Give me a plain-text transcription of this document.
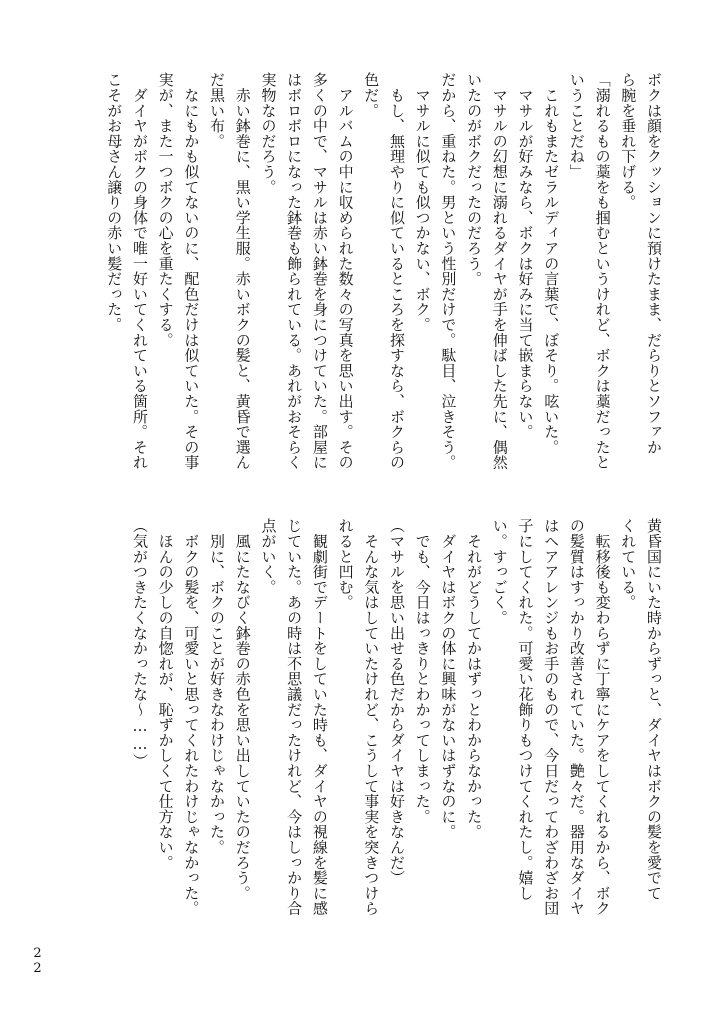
ボクは顔をクッションに預けたまま、だらりとソファか
ら腕を垂れ下げる。
「溺れるもの藁をも掴むというけれど、ボクは藁だったと
いうことだね」
　これもまたゼラルディアの言葉で、ぼそり。呟いた。
　マサルが好みなら、ボクは好みに当て嵌まらない。
　マサルの幻想に溺れるダイヤが手を伸ばした先に、偶然
いたのがボクだったのだろう。
だから、重ねた。男という性別だけで。駄目、泣きそう。
　マサルに似ても似つかない、ボク。
　もし、無理やりに似ているところを探すなら、ボクらの
色だ。
　アルバムの中に収められた数々の写真を思い出す。その
多くの中で、マサルは赤い鉢巻を身につけていた。部屋に
はボロボロになった鉢巻も飾られている。あれがおそらく
実物なのだろう。
　赤い鉢巻に、黒い学生服。赤いボクの髪と、黄昏で選ん
だ黒い布。
　なにもかも似てないのに、配色だけは似ていた。その事
実が、また一つボクの心を重たくする。
　ダイヤがボクの身体で唯一好いてくれている箇所。それ
こそがお母さん譲りの赤い髪だった。
黄昏国にいた時からずっと、ダイヤはボクの髪を愛でて
くれている。
　転移後も変わらずに丁寧にケアをしてくれるから、ボク
の髪質はすっかり改善されていた。艶々だ。器用なダイヤ
はヘアアレンジもお手のもので、今日だってわざわざお団
子にしてくれた。可愛い花飾りもつけてくれたし。嬉し
い。すっごく。
　それがどうしてかはずっとわからなかった。
　ダイヤはボクの体に興味がないはずなのに。
　でも、今日はっきりとわかってしまった。
（マサルを思い出せる色だからダイヤは好きなんだ）
　そんな気はしていたけれど、こうして事実を突きつけら
れると凹む。
　観劇街でデートをしていた時も、ダイヤの視線を髪に感
じていた。あの時は不思議だったけれど、今はしっかり合
点がいく。
　風にたなびく鉢巻の赤色を思い出していたのだろう。
　別に、ボクのことが好きなわけじゃなかった。
　ボクの髪を、可愛いと思ってくれたわけじゃなかった。
　ほんの少しの自惚れが、恥ずかしくて仕方ない。
（気がつきたくなかったな～……）
22
